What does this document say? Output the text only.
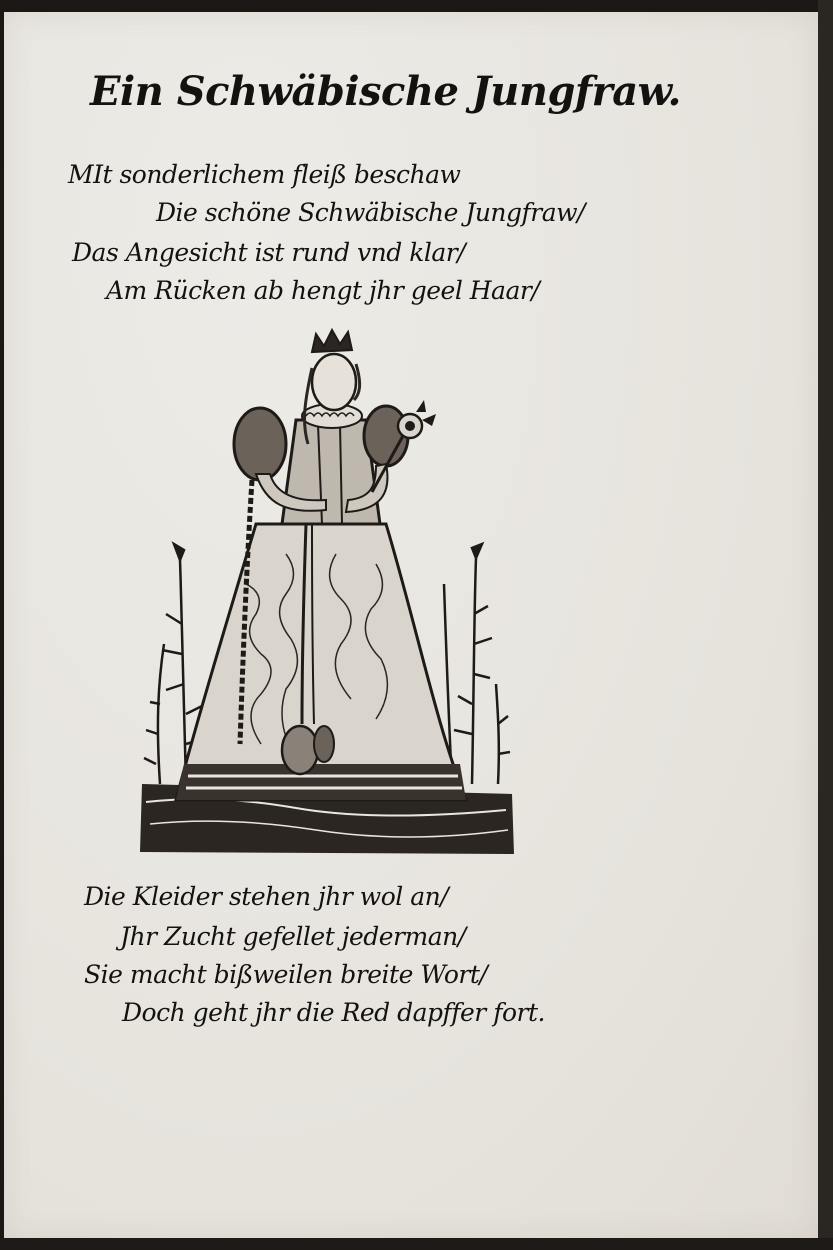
Ein Schwäbische Jungfraw.
MIt sonderlichem fleiß beschaw
Die schöne Schwäbische Jungfraw/
Das Angesicht ist rund vnd klar/
Am Rücken ab hengt jhr geel Haar/
Die Kleider stehen jhr wol an/
Jhr Zucht gefellet jederman/
Sie macht bißweilen breite Wort/
Doch geht jhr die Red dapffer fort.
